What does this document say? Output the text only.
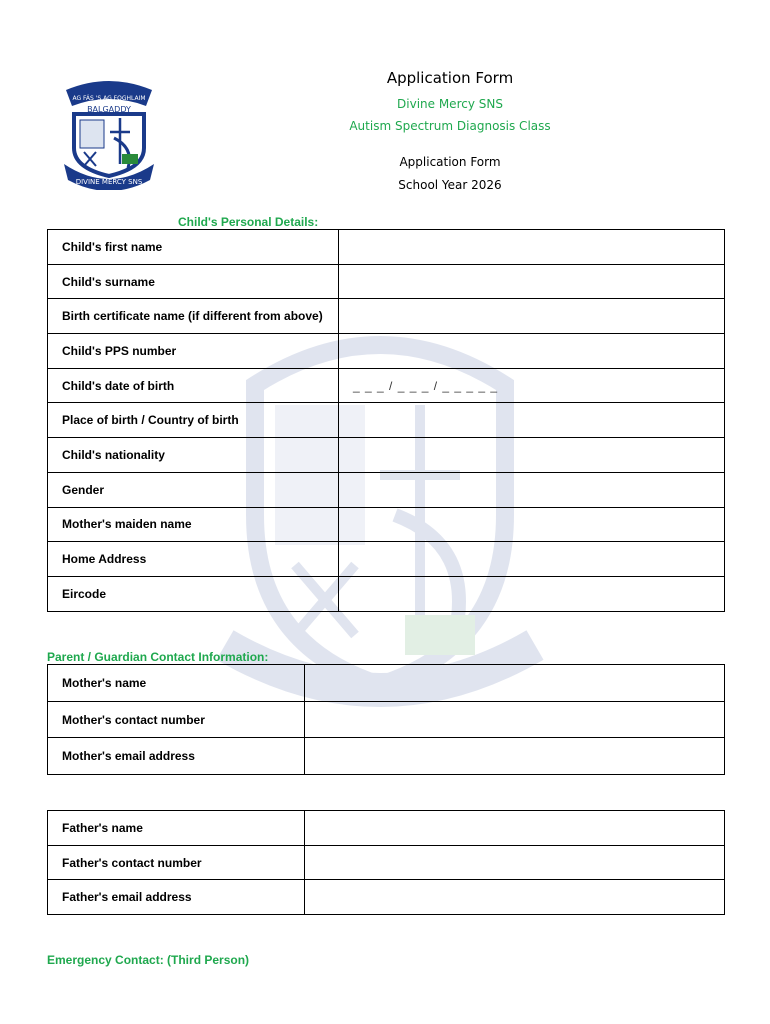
AG FÁS 'S AG FOGHLAIM
BALGADDY
DIVINE MERCY SNS
Application Form
Divine Mercy SNS
Autism Spectrum Diagnosis Class
Application Form
School Year 2026
Child's Personal Details:
Child's first name	
Child's surname	
Birth certificate name (if different from above)	
Child's PPS number	
Child's date of birth	_ _ _ / _ _ _ / _ _ _ _ _
Place of birth / Country of birth	
Child's nationality	
Gender	
Mother's maiden name	
Home Address	
Eircode	
Parent / Guardian Contact Information:
Mother's name	
Mother's contact number	
Mother's email address	
Father's name	
Father's contact number	
Father's email address	
Emergency Contact: (Third Person)
